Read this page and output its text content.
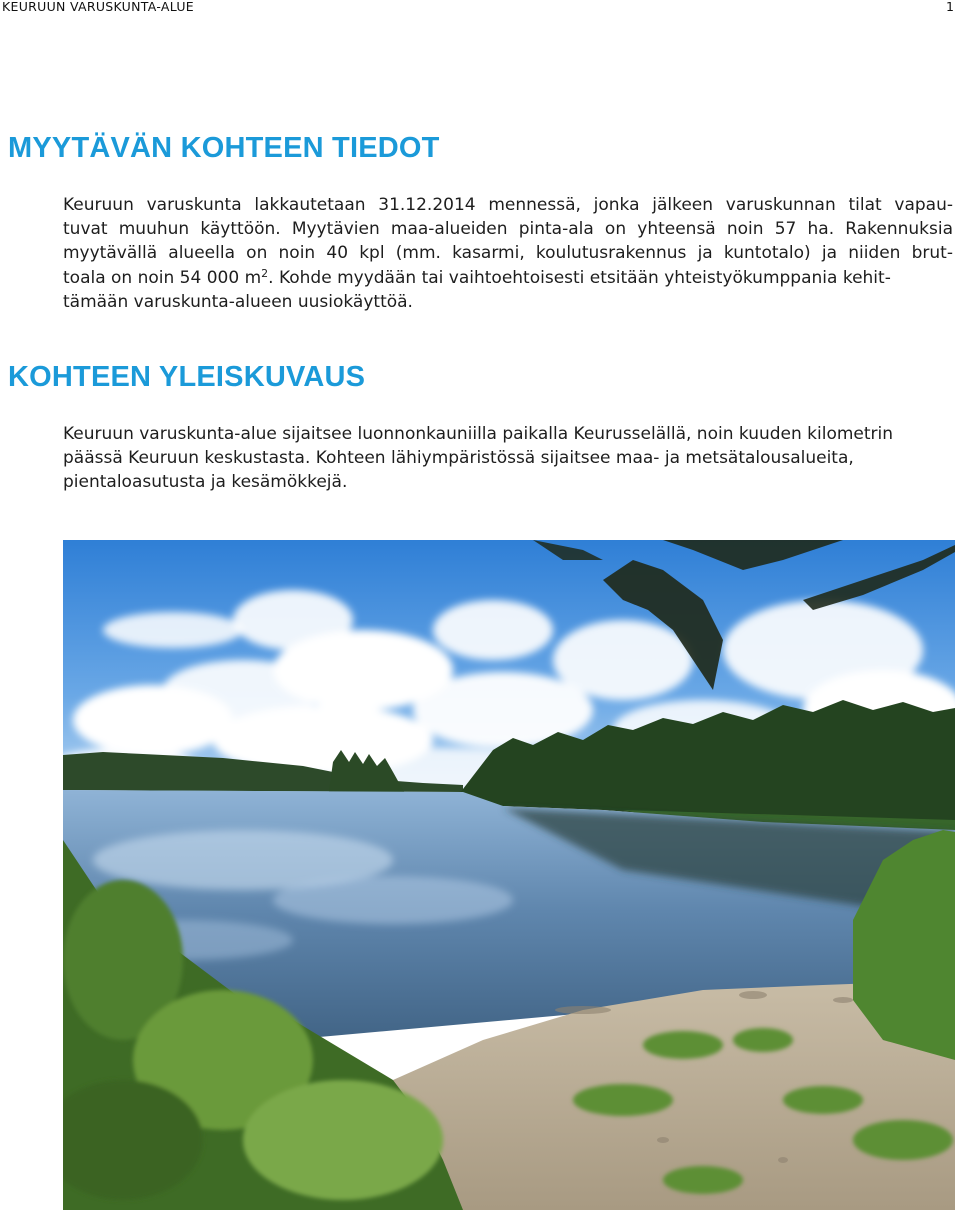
KEURUUN VARUSKUNTA-ALUE	1
MYYTÄVÄN KOHTEEN TIEDOT

Keuruun varuskunta lakkautetaan 31.12.2014 mennessä, jonka jälkeen varuskunnan tilat vapau-
tuvat muuhun käyttöön. Myytävien maa-alueiden pinta-ala on yhteensä noin 57 ha. Rakennuksia
myytävällä alueella on noin 40 kpl (mm. kasarmi, koulutusrakennus ja kuntotalo) ja niiden brut-
toala on noin 54 000 $m^2$. Kohde myydään tai vaihtoehtoisesti etsitään yhteistyökumppania kehit-
tämään varuskunta-alueen uusiokäyttöä.

KOHTEEN YLEISKUVAUS

Keuruun varuskunta-alue sijaitsee luonnonkauniilla paikalla Keurusselällä, noin kuuden kilometrin
päässä Keuruun keskustasta. Kohteen lähiympäristössä sijaitsee maa- ja metsätalousalueita,
pientaloasutusta ja kesämökkejä.
